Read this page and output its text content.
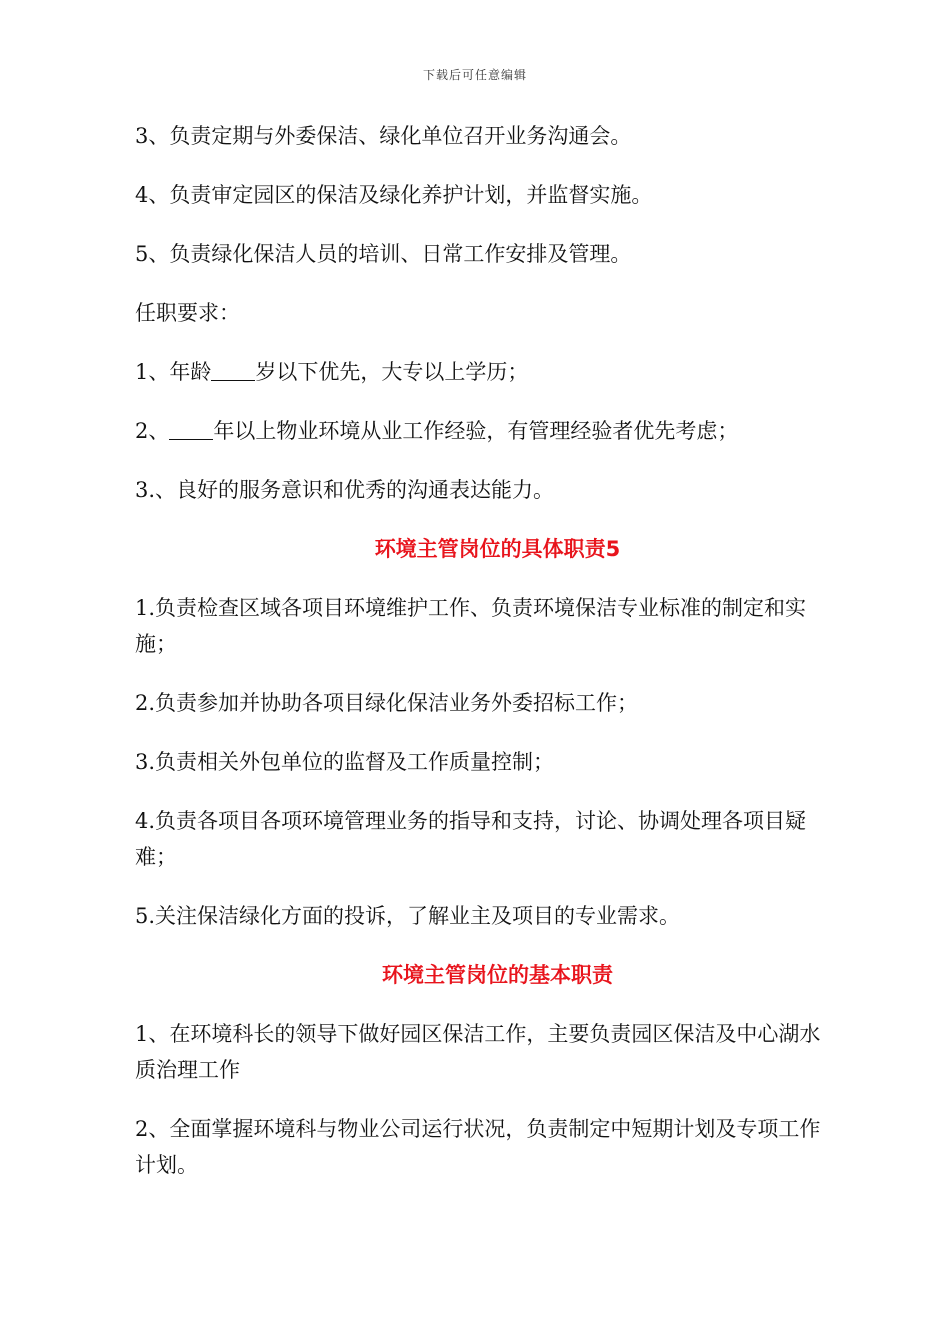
下载后可任意编辑

3、负责定期与外委保洁、绿化单位召开业务沟通会。

4、负责审定园区的保洁及绿化养护计划，并监督实施。

5、负责绿化保洁人员的培训、日常工作安排及管理。

任职要求：

1、年龄 岁以下优先，大专以上学历；

2、 年以上物业环境从业工作经验，有管理经验者优先考虑；

3.、良好的服务意识和优秀的沟通表达能力。

环境主管岗位的具体职责5

1.负责检查区域各项目环境维护工作、负责环境保洁专业标准的制定和实

施；

2.负责参加并协助各项目绿化保洁业务外委招标工作；

3.负责相关外包单位的监督及工作质量控制；

4.负责各项目各项环境管理业务的指导和支持，讨论、协调处理各项目疑

难；

5.关注保洁绿化方面的投诉，了解业主及项目的专业需求。

环境主管岗位的基本职责

1、在环境科长的领导下做好园区保洁工作，主要负责园区保洁及中心湖水

质治理工作

2、全面掌握环境科与物业公司运行状况，负责制定中短期计划及专项工作

计划。
